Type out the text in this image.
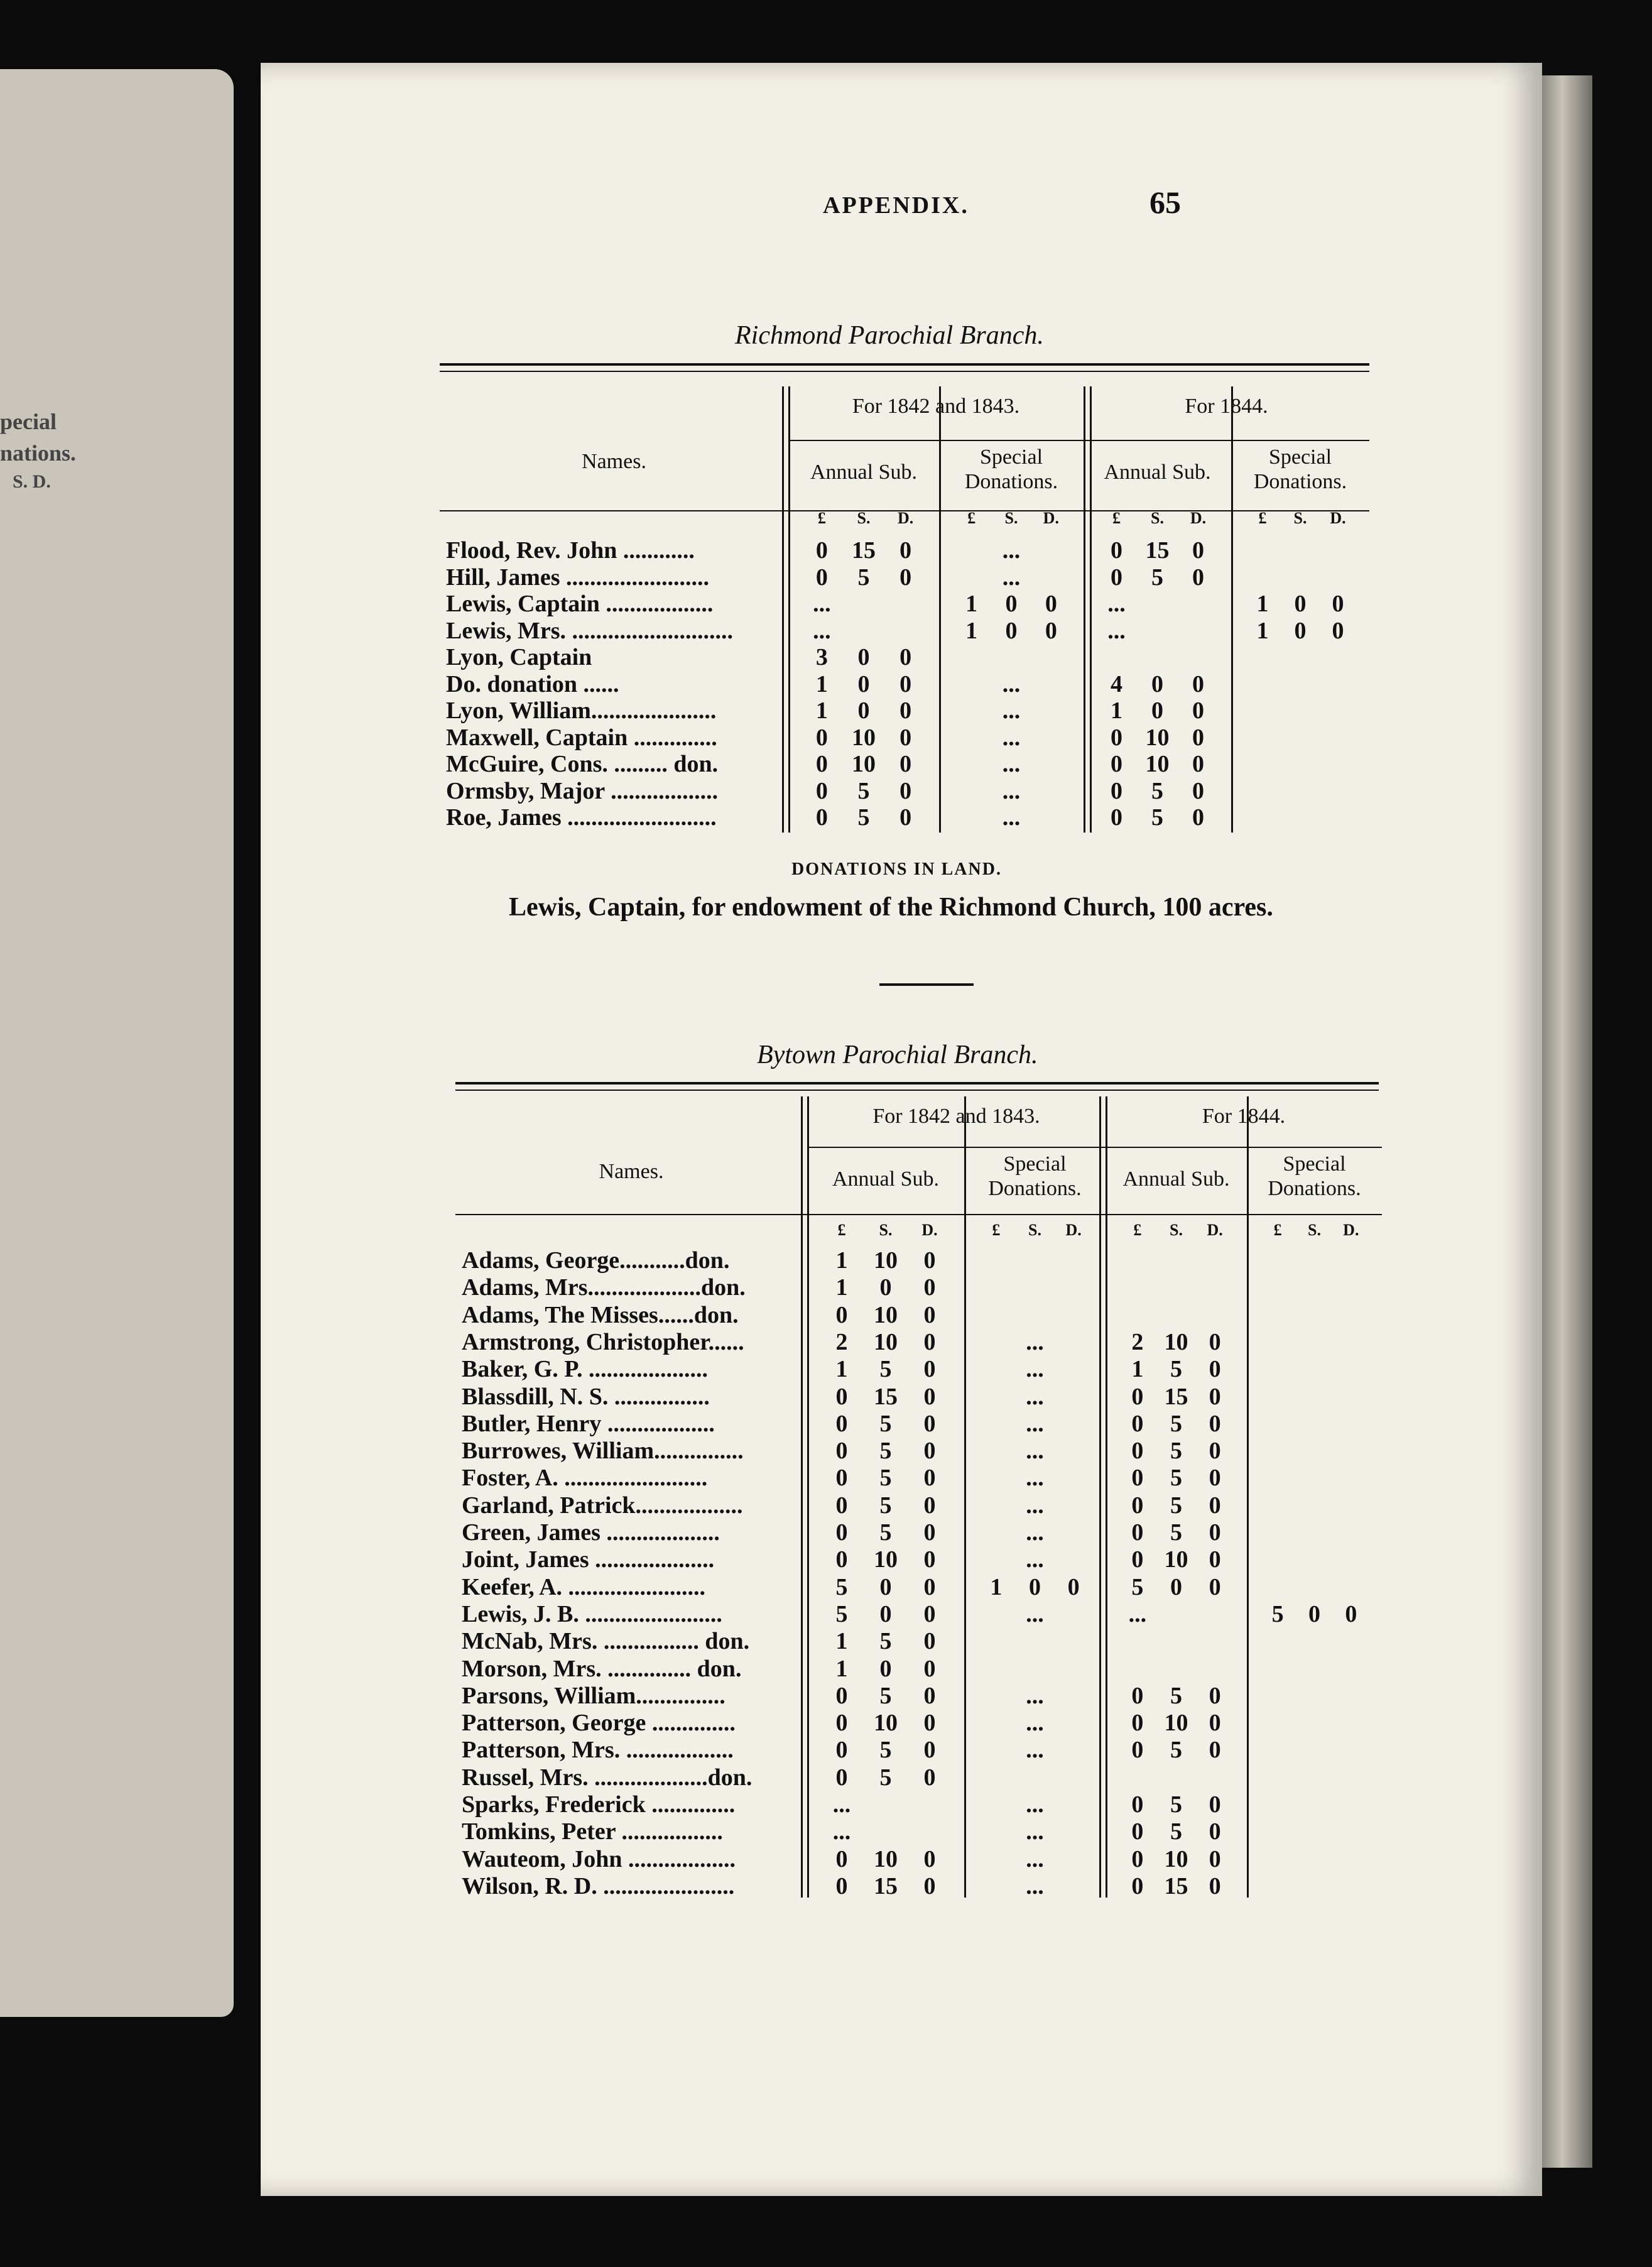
pecial
nations.
S. D.
APPENDIX.	65
Richmond Parochial Branch.
DONATIONS IN LAND.
Lewis, Captain, for endowment of the Richmond Church, 100 acres.
Bytown Parochial Branch.
Names.
For 1842 and 1843.	For 1844.
Annual Sub.
Special Donations.	Annual Sub.
Special Donations.
£	S.	D.	£	S.	D.	£	S.	D.	£	S.	D.
Flood, Rev. John ............	0	15	0	...	0 15 0
Hill, James ........................	0	5	0	...	0	5	0
Lewis, Captain ..................	...	1	0	0	...	1	0	0
Lewis, Mrs. ...........................	...	1	0	0	...	1	0	0
Lyon, Captain	3	0	0
Do. donation ......	1	0	0	...	4	0	0
Lyon, William.....................	1	0	0	...	1	0	0
Maxwell, Captain ..............	0	10	0	...	0 10 0
McGuire, Cons. ......... don.	0	10	0	...	0 10 0
Ormsby, Major ..................	0	5	0	...	0	5	0
Roe, James .........................	0	5	0	...	0	5	0
Names.
For 1842 and 1843.	For 1844.
Annual Sub.
Special Donations.	Annual Sub.
Special Donations.
£	S.	D.	£	S.	D.	£	S.	D.	£	S.	D.
Adams, George...........don.	1	10	0
Adams, Mrs...................don.	1	0	0
Adams, The Misses......don.	0	10	0
Armstrong, Christopher......	2	10	0	...	2 10 0
Baker, G. P. ....................	1	5	0	...	1	5	0
Blassdill, N. S. ................	0	15	0	...	0 15 0
Butler, Henry ..................	0	5	0	...	0	5	0
Burrowes, William...............	0	5	0	...	0	5	0
Foster, A. ........................	0	5	0	...	0	5	0
Garland, Patrick..................	0	5	0	...	0	5	0
Green, James ...................	0	5	0	...	0	5	0
Joint, James ....................	0	10	0	...	0 10 0
Keefer, A. .......................	5	0	0	1	0	0	5	0	0
Lewis, J. B. .......................	5	0	0	...	...	5	0	0
McNab, Mrs. ................ don.	1	5	0
Morson, Mrs. .............. don.	1	0	0
Parsons, William...............	0	5	0	...	0	5	0
Patterson, George ..............	0	10	0	...	0 10 0
Patterson, Mrs. ..................	0	5	0	...	0	5	0
Russel, Mrs. ...................don.	0	5	0
Sparks, Frederick ..............	...	...	0	5	0
Tomkins, Peter .................	...	...	0	5	0
Wauteom, John ..................	0	10	0	...	0 10 0
Wilson, R. D. ......................	0	15	0	...	0 15 0
